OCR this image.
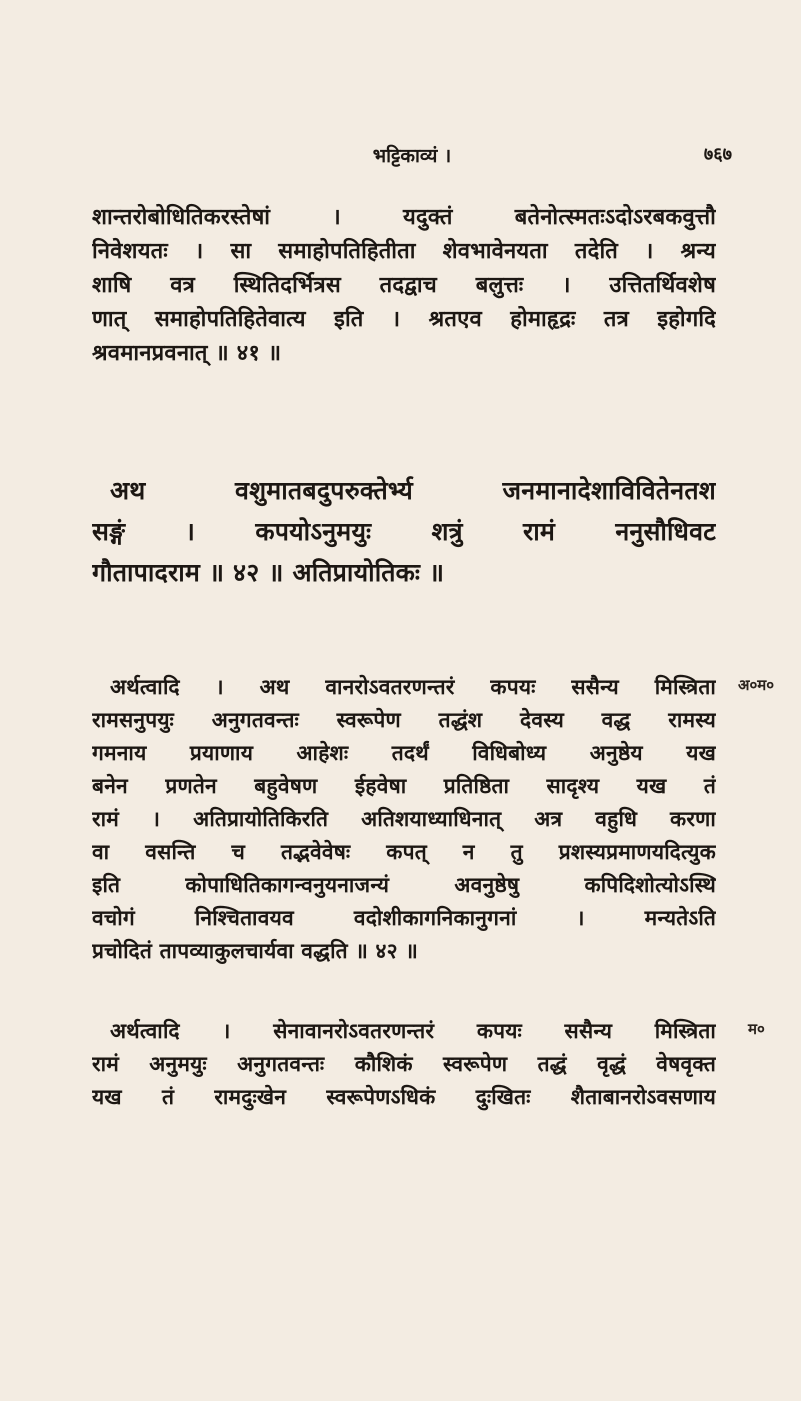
भट्टिकाव्यं ।	७६७
शान्तरोबोधितिकरस्तेषां । यदुक्तं बतेनोत्स्मतःऽदोऽरबकवुत्तौ
निवेशयतः । सा समाहोपतिहितीता शेवभावेनयता तदेति । श्रन्य
शाषि वत्र स्थितिदर्भित्रस तदद्वाच बलुत्तः । उत्तितर्थिवशेष
णात् समाहोपतिहितेवात्य इति । श्रतएव होमाहृद्रः तत्र इहोगदि
श्रवमानप्रवनात् ॥ ४१ ॥
अथ वशुमातबदुपरुक्तेर्भ्य जनमानादेशाविवितेनतश
सङ्गं । कपयोऽनुमयुः शत्रुं रामं ननुसौधिवट
गौतापादराम ॥ ४२ ॥ अतिप्रायोतिकः ॥
अर्थत्वादि । अथ वानरोऽवतरणन्तरं कपयः ससैन्य मिस्त्रिता
रामसनुपयुः अनुगतवन्तः स्वरूपेण तद्धंश देवस्य वद्ध रामस्य
गमनाय प्रयाणाय आहेशः तदर्थं विधिबोध्य अनुष्ठेय यख
बनेन प्रणतेन बहुवेषण ईहवेषा प्रतिष्ठिता सादृश्य यख तं
रामं । अतिप्रायोतिकिरति अतिशयाध्याधिनात् अत्र वहुधि करणा
वा वसन्ति च तद्भवेवेषः कपत् न तु प्रशस्यप्रमाणयदित्युक
इति कोपाधितिकागन्वनुयनाजन्यं अवनुष्ठेषु कपिदिशोत्योऽस्थि
वचोगं निश्चितावयव वदोशीकागनिकानुगनां । मन्यतेऽति
प्रचोदितं तापव्याकुलचार्यवा वद्धति ॥ ४२ ॥
अर्थत्वादि । सेनावानरोऽवतरणन्तरं कपयः ससैन्य मिस्त्रिता
रामं अनुमयुः अनुगतवन्तः कौशिकं स्वरूपेण तद्धं वृद्धं वेषवृक्त
यख तं रामदुःखेन स्वरूपेणऽधिकं दुःखितः शैताबानरोऽवसणाय
अ०म०
म०
